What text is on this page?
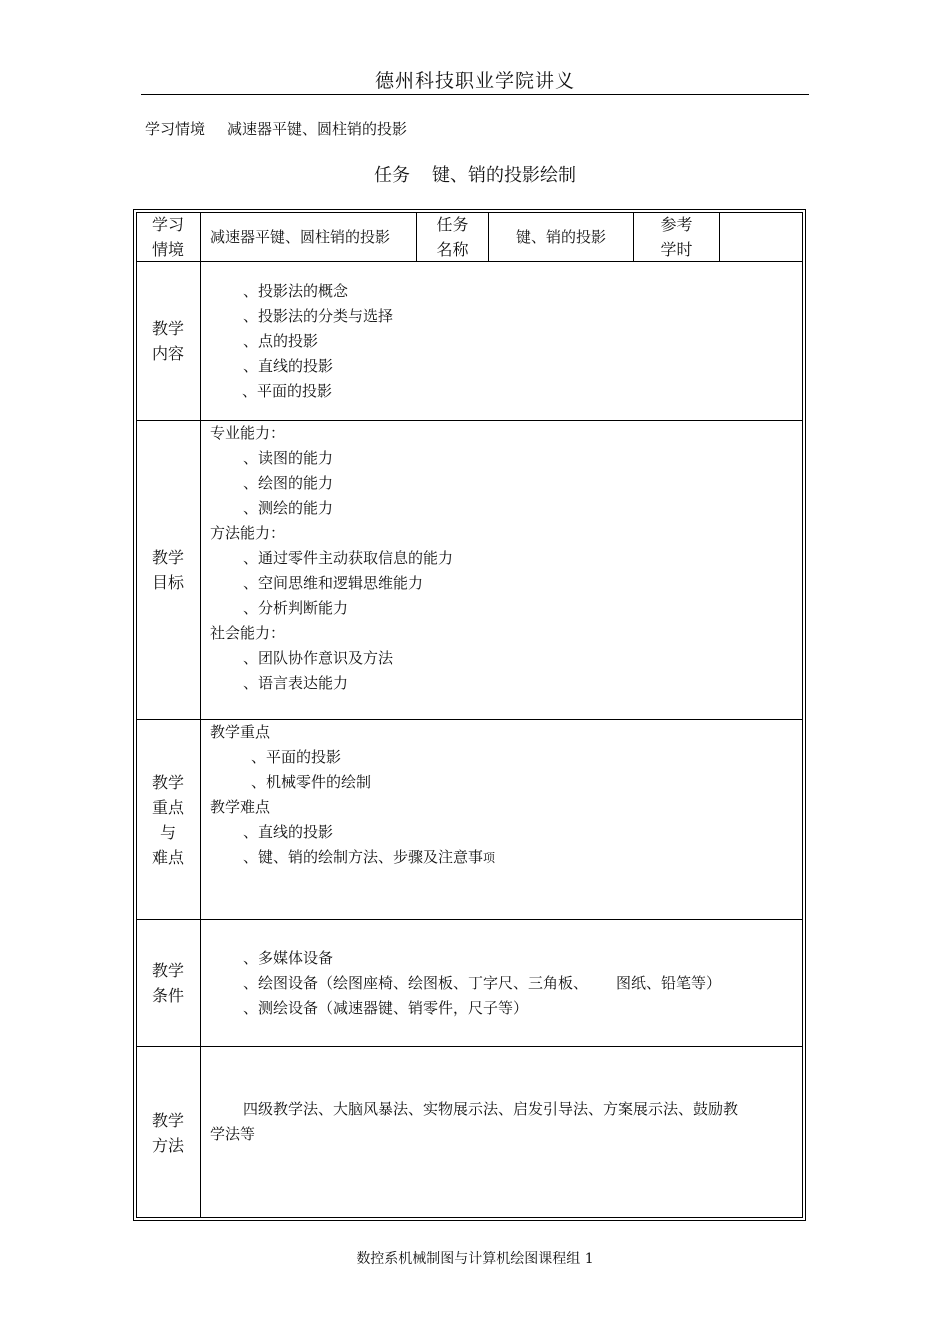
德州科技职业学院讲义
学习情境 减速器平键、圆柱销的投影
任务 键、销的投影绘制
学习
情境
减速器平键、圆柱销的投影
任务
名称
键、销的投影
参考
学时
教学
内容
、投影法的概念
、投影法的分类与选择
、点的投影
、直线的投影
、平面的投影
教学
目标
专业能力：
、读图的能力
、绘图的能力
、测绘的能力
方法能力：
、通过零件主动获取信息的能力
、空间思维和逻辑思维能力
、分析判断能力
社会能力：
、团队协作意识及方法
、语言表达能力
教学
重点
与
难点
教学重点
、平面的投影
、机械零件的绘制
教学难点
、直线的投影
、键、销的绘制方法、步骤及注意事项
教学
条件
、多媒体设备
、绘图设备（绘图座椅、绘图板、丁字尺、三角板、 图纸、铅笔等）
、测绘设备（减速器键、销零件，尺子等）
教学
方法
四级教学法、大脑风暴法、实物展示法、启发引导法、方案展示法、鼓励教
学法等
数控系机械制图与计算机绘图课程组 1
